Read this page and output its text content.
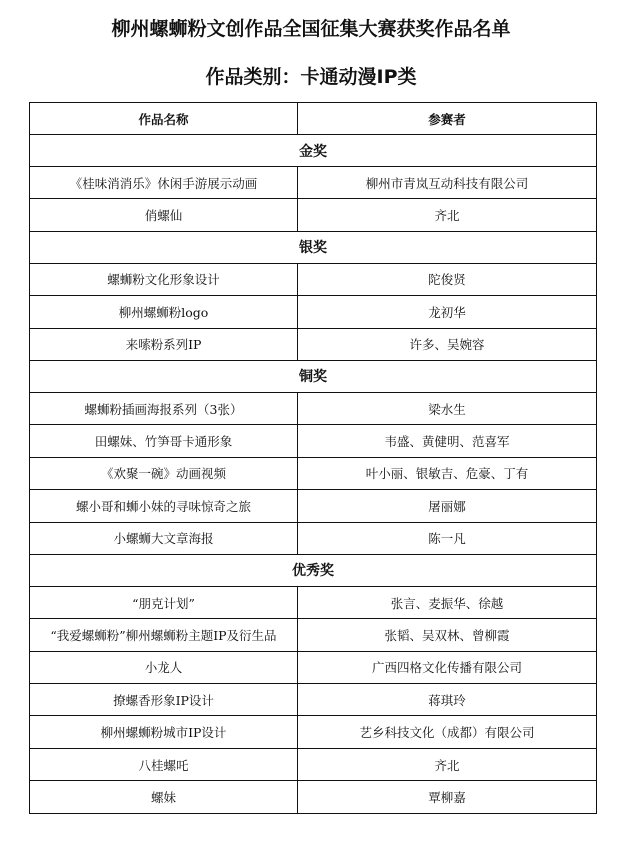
柳州螺蛳粉文创作品全国征集大赛获奖作品名单
作品类别：卡通动漫IP类
作品名称	参赛者
金奖	
《桂味消消乐》休闲手游展示动画	柳州市青岚互动科技有限公司
俏螺仙	齐北
银奖	
螺蛳粉文化形象设计	陀俊贤
柳州螺蛳粉logo	龙初华
来嗦粉系列IP	许多、吴婉容
铜奖	
螺蛳粉插画海报系列（3张）	梁水生
田螺妹、竹笋哥卡通形象	韦盛、黄健明、范喜军
《欢聚一碗》动画视频	叶小丽、银敏吉、危豪、丁有
螺小哥和蛳小妹的寻味惊奇之旅	屠丽娜
小螺蛳大文章海报	陈一凡
优秀奖	
“朋克计划”	张言、麦振华、徐越
“我爱螺蛳粉”柳州螺蛳粉主题IP及衍生品	张韬、吴双林、曾柳霞
小龙人	广西四格文化传播有限公司
撩螺香形象IP设计	蒋琪玲
柳州螺蛳粉城市IP设计	艺乡科技文化（成都）有限公司
八桂螺吒	齐北
螺妹	覃柳嘉
